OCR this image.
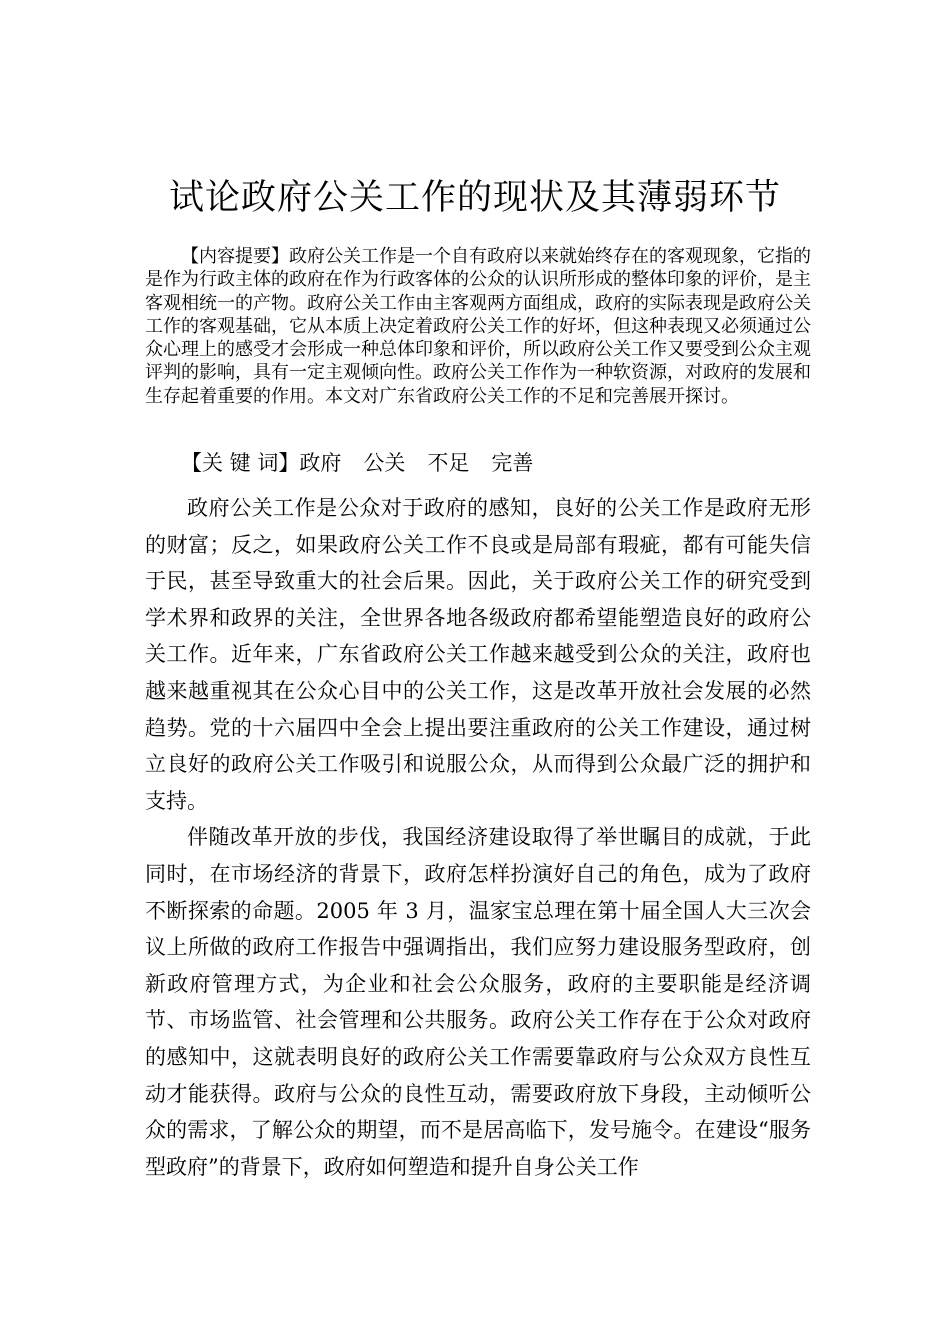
试论政府公关工作的现状及其薄弱环节

【内容提要】政府公关工作是一个自有政府以来就始终存在的客观现象，它指的是作为行政主体的政府在作为行政客体的公众的认识所形成的整体印象的评价，是主客观相统一的产物。政府公关工作由主客观两方面组成，政府的实际表现是政府公关工作的客观基础，它从本质上决定着政府公关工作的好坏，但这种表现又必须通过公众心理上的感受才会形成一种总体印象和评价，所以政府公关工作又要受到公众主观评判的影响，具有一定主观倾向性。政府公关工作作为一种软资源，对政府的发展和生存起着重要的作用。本文对广东省政府公关工作的不足和完善展开探讨。

【关 键 词】政府 公关 不足 完善

政府公关工作是公众对于政府的感知，良好的公关工作是政府无形的财富；反之，如果政府公关工作不良或是局部有瑕疵，都有可能失信于民，甚至导致重大的社会后果。因此，关于政府公关工作的研究受到学术界和政界的关注，全世界各地各级政府都希望能塑造良好的政府公关工作。近年来，广东省政府公关工作越来越受到公众的关注，政府也越来越重视其在公众心目中的公关工作，这是改革开放社会发展的必然趋势。党的十六届四中全会上提出要注重政府的公关工作建设，通过树立良好的政府公关工作吸引和说服公众，从而得到公众最广泛的拥护和支持。

伴随改革开放的步伐，我国经济建设取得了举世瞩目的成就，于此同时，在市场经济的背景下，政府怎样扮演好自己的角色，成为了政府不断探索的命题。2005 年 3 月，温家宝总理在第十届全国人大三次会议上所做的政府工作报告中强调指出，我们应努力建设服务型政府，创新政府管理方式，为企业和社会公众服务，政府的主要职能是经济调节、市场监管、社会管理和公共服务。政府公关工作存在于公众对政府的感知中，这就表明良好的政府公关工作需要靠政府与公众双方良性互动才能获得。政府与公众的良性互动，需要政府放下身段，主动倾听公众的需求，了解公众的期望，而不是居高临下，发号施令。在建设“服务型政府”的背景下，政府如何塑造和提升自身公关工作
